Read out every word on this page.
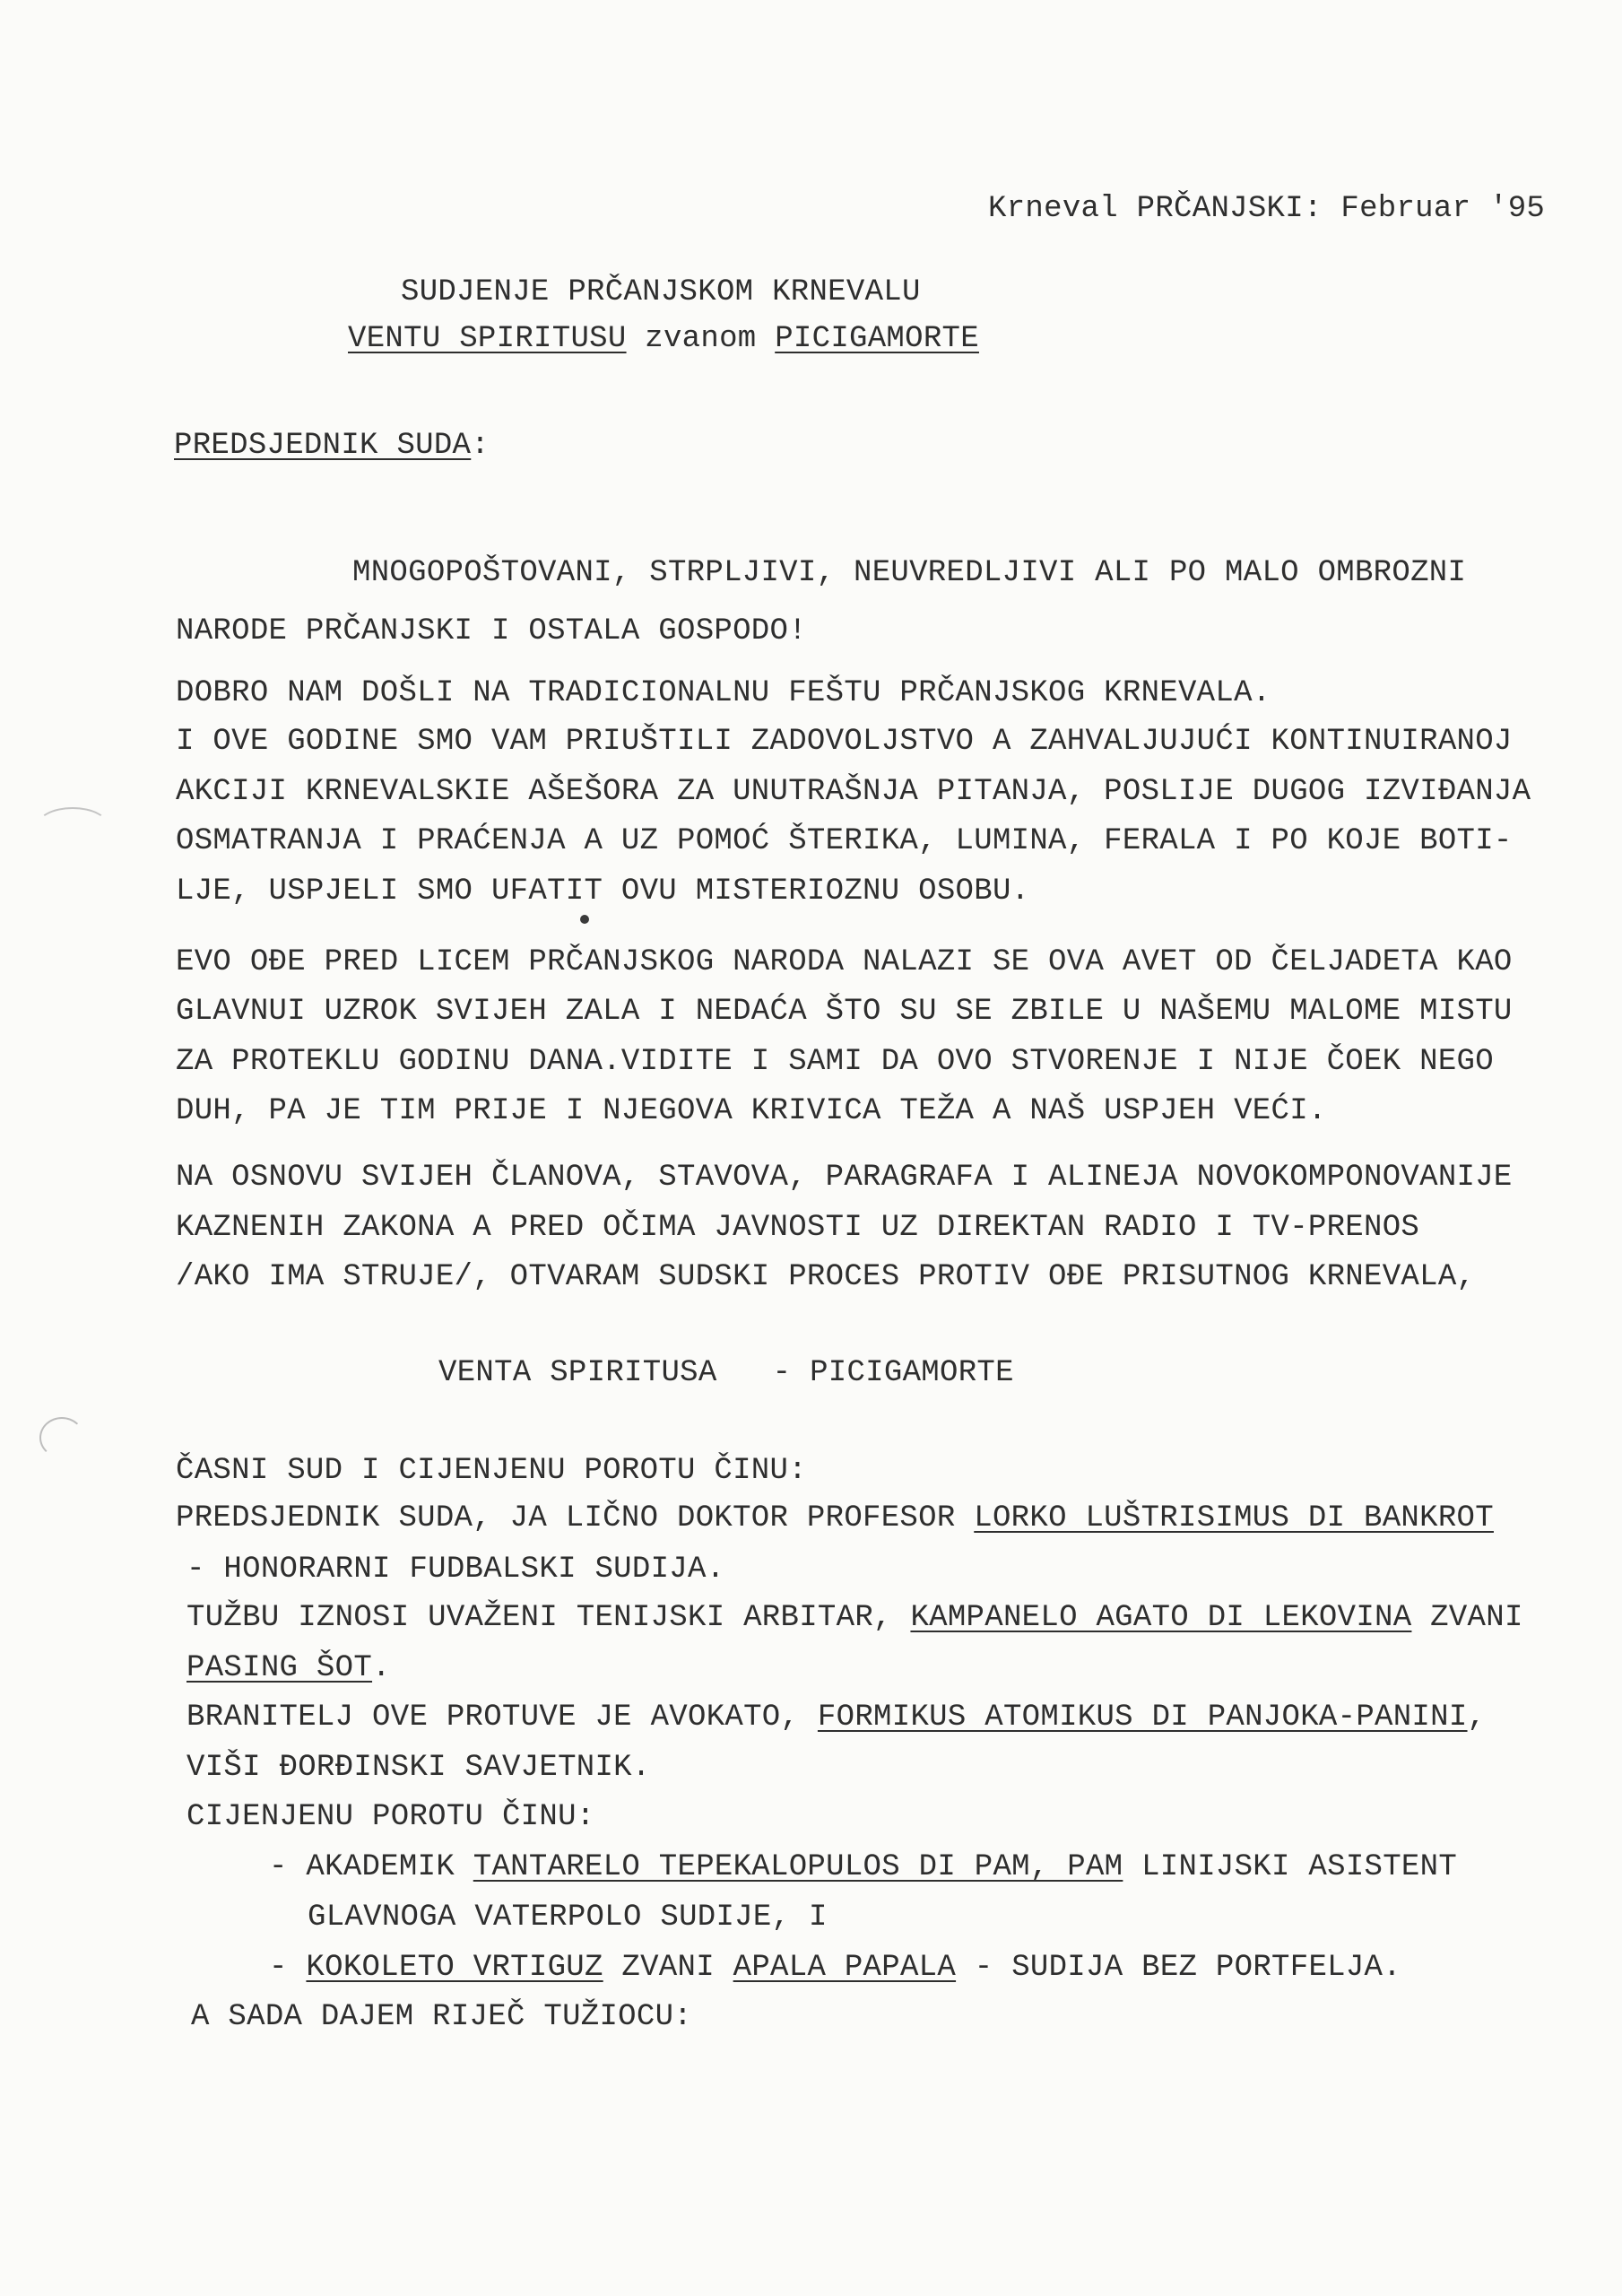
Krneval PRČANJSKI: Februar '95
SUDJENJE PRČANJSKOM KRNEVALU
VENTU SPIRITUSU zvanom PICIGAMORTE
PREDSJEDNIK SUDA:
MNOGOPOŠTOVANI, STRPLJIVI, NEUVREDLJIVI ALI PO MALO OMBROZNI
NARODE PRČANJSKI I OSTALA GOSPODO!
DOBRO NAM DOŠLI NA TRADICIONALNU FEŠTU PRČANJSKOG KRNEVALA.
I OVE GODINE SMO VAM PRIUŠTILI ZADOVOLJSTVO A ZAHVALJUJUĆI KONTINUIRANOJ
AKCIJI KRNEVALSKIE AŠEŠORA ZA UNUTRAŠNJA PITANJA, POSLIJE DUGOG IZVIĐANJA
OSMATRANJA I PRAĆENJA A UZ POMOĆ ŠTERIKA, LUMINA, FERALA I PO KOJE BOTI-
LJE, USPJELI SMO UFATIT OVU MISTERIOZNU OSOBU.
EVO OĐE PRED LICEM PRČANJSKOG NARODA NALAZI SE OVA AVET OD ČELJADETA KAO
GLAVNUI UZROK SVIJEH ZALA I NEDAĆA ŠTO SU SE ZBILE U NAŠEMU MALOME MISTU
ZA PROTEKLU GODINU DANA.VIDITE I SAMI DA OVO STVORENJE I NIJE ČOEK NEGO
DUH, PA JE TIM PRIJE I NJEGOVA KRIVICA TEŽA A NAŠ USPJEH VEĆI.
NA OSNOVU SVIJEH ČLANOVA, STAVOVA, PARAGRAFA I ALINEJA NOVOKOMPONOVANIJE
KAZNENIH ZAKONA A PRED OČIMA JAVNOSTI UZ DIREKTAN RADIO I TV-PRENOS
/AKO IMA STRUJE/, OTVARAM SUDSKI PROCES PROTIV OĐE PRISUTNOG KRNEVALA,
VENTA SPIRITUSA   - PICIGAMORTE
ČASNI SUD I CIJENJENU POROTU ČINU:
PREDSJEDNIK SUDA, JA LIČNO DOKTOR PROFESOR LORKO LUŠTRISIMUS DI BANKROT
- HONORARNI FUDBALSKI SUDIJA.
TUŽBU IZNOSI UVAŽENI TENIJSKI ARBITAR, KAMPANELO AGATO DI LEKOVINA ZVANI
PASING ŠOT.
BRANITELJ OVE PROTUVE JE AVOKATO, FORMIKUS ATOMIKUS DI PANJOKA-PANINI,
VIŠI ĐORĐINSKI SAVJETNIK.
CIJENJENU POROTU ČINU:
- AKADEMIK TANTARELO TEPEKALOPULOS DI PAM, PAM LINIJSKI ASISTENT
GLAVNOGA VATERPOLO SUDIJE, I
- KOKOLETO VRTIGUZ ZVANI APALA PAPALA - SUDIJA BEZ PORTFELJA.
A SADA DAJEM RIJEČ TUŽIOCU:
